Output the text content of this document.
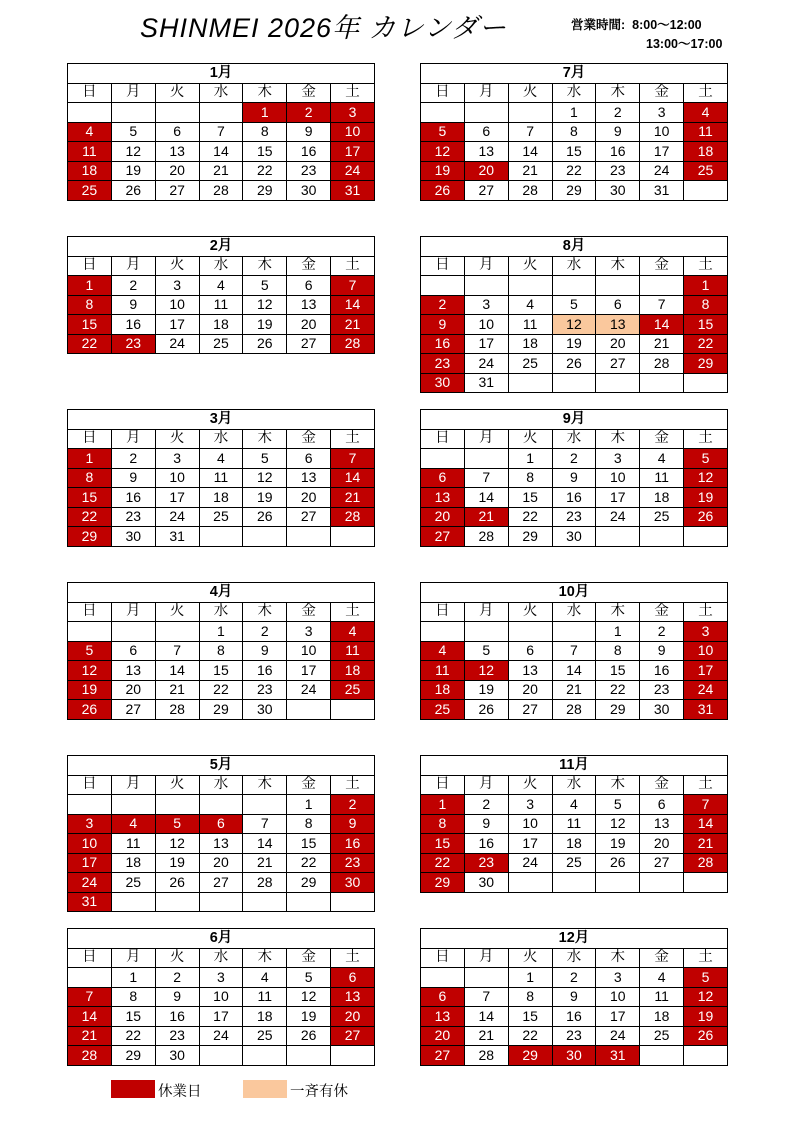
SHINMEI 2026年 カレンダー	営業時間: 8:00～12:00
13:00～17:00
1月						
日	月	火	水	木	金	土
				1	2	3
4	5	6	7	8	9	10
11	12	13	14	15	16	17
18	19	20	21	22	23	24
25	26	27	28	29	30	31
2月						
日	月	火	水	木	金	土
1	2	3	4	5	6	7
8	9	10	11	12	13	14
15	16	17	18	19	20	21
22	23	24	25	26	27	28
3月						
日	月	火	水	木	金	土
1	2	3	4	5	6	7
8	9	10	11	12	13	14
15	16	17	18	19	20	21
22	23	24	25	26	27	28
29	30	31				
4月						
日	月	火	水	木	金	土
			1	2	3	4
5	6	7	8	9	10	11
12	13	14	15	16	17	18
19	20	21	22	23	24	25
26	27	28	29	30		
5月						
日	月	火	水	木	金	土
					1	2
3	4	5	6	7	8	9
10	11	12	13	14	15	16
17	18	19	20	21	22	23
24	25	26	27	28	29	30
31						
6月						
日	月	火	水	木	金	土
	1	2	3	4	5	6
7	8	9	10	11	12	13
14	15	16	17	18	19	20
21	22	23	24	25	26	27
28	29	30				
7月						
日	月	火	水	木	金	土
			1	2	3	4
5	6	7	8	9	10	11
12	13	14	15	16	17	18
19	20	21	22	23	24	25
26	27	28	29	30	31	
8月						
日	月	火	水	木	金	土
						1
2	3	4	5	6	7	8
9	10	11	12	13	14	15
16	17	18	19	20	21	22
23	24	25	26	27	28	29
30	31					
9月						
日	月	火	水	木	金	土
		1	2	3	4	5
6	7	8	9	10	11	12
13	14	15	16	17	18	19
20	21	22	23	24	25	26
27	28	29	30			
10月						
日	月	火	水	木	金	土
				1	2	3
4	5	6	7	8	9	10
11	12	13	14	15	16	17
18	19	20	21	22	23	24
25	26	27	28	29	30	31
11月						
日	月	火	水	木	金	土
1	2	3	4	5	6	7
8	9	10	11	12	13	14
15	16	17	18	19	20	21
22	23	24	25	26	27	28
29	30					
12月						
日	月	火	水	木	金	土
		1	2	3	4	5
6	7	8	9	10	11	12
13	14	15	16	17	18	19
20	21	22	23	24	25	26
27	28	29	30	31		
休業日	一斉有休
